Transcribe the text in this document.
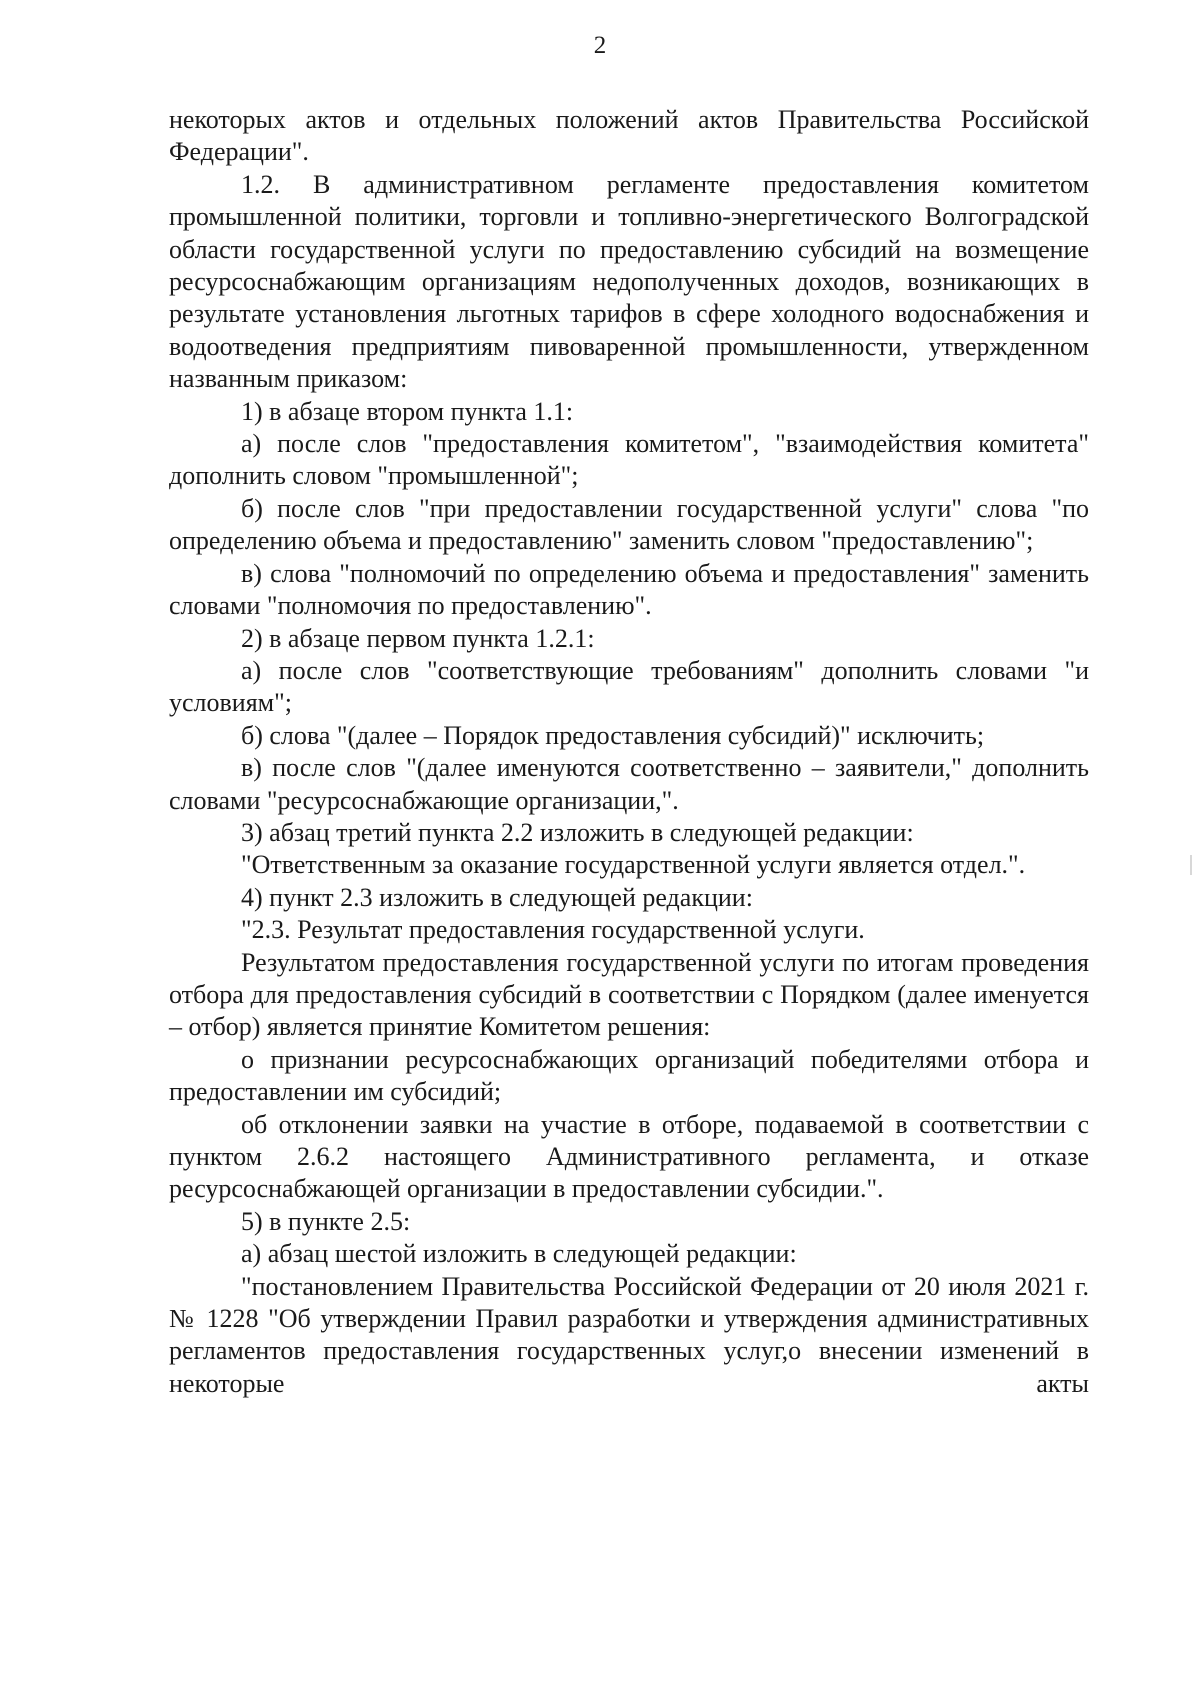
2

некоторых актов и отдельных положений актов Правительства Российской Федерации".

1.2. В административном регламенте предоставления комитетом промышленной политики, торговли и топливно-энергетического Волгоградской области государственной услуги по предоставлению субсидий на возмещение ресурсоснабжающим организациям недополученных доходов, возникающих в результате установления льготных тарифов в сфере холодного водоснабжения и водоотведения предприятиям пивоваренной промышленности, утвержденном названным приказом:

1) в абзаце втором пункта 1.1:

а) после слов "предоставления комитетом", "взаимодействия комитета" дополнить словом "промышленной";

б) после слов "при предоставлении государственной услуги" слова "по определению объема и предоставлению" заменить словом "предоставлению";

в) слова "полномочий по определению объема и предоставления" заменить словами "полномочия по предоставлению".

2) в абзаце первом пункта 1.2.1:

а) после слов "соответствующие требованиям" дополнить словами "и условиям";

б) слова "(далее – Порядок предоставления субсидий)" исключить;

в) после слов "(далее именуются соответственно – заявители," дополнить словами "ресурсоснабжающие организации,".

3) абзац третий пункта 2.2 изложить в следующей редакции:

"Ответственным за оказание государственной услуги является отдел.".

4) пункт 2.3 изложить в следующей редакции:

"2.3. Результат предоставления государственной услуги.

Результатом предоставления государственной услуги по итогам проведения отбора для предоставления субсидий в соответствии с Порядком (далее именуется – отбор) является принятие Комитетом решения:

о признании ресурсоснабжающих организаций победителями отбора и предоставлении им субсидий;

об отклонении заявки на участие в отборе, подаваемой в соответствии с пунктом 2.6.2 настоящего Административного регламента, и отказе ресурсоснабжающей организации в предоставлении субсидии.".

5) в пункте 2.5:

а) абзац шестой изложить в следующей редакции:

"постановлением Правительства Российской Федерации от 20 июля 2021 г. № 1228 "Об утверждении Правил разработки и утверждения административных регламентов предоставления государственных услуг,о внесении изменений в некоторые акты
